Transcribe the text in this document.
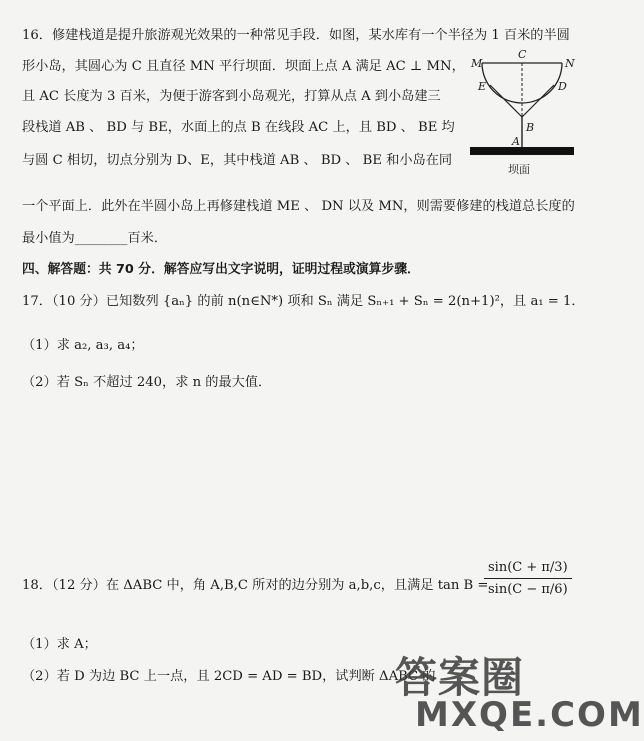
16．修建栈道是提升旅游观光效果的一种常见手段．如图，某水库有一个半径为 1 百米的半圆
形小岛，其圆心为 C 且直径 MN 平行坝面．坝面上点 A 满足 AC ⊥ MN，
且 AC 长度为 3 百米，为便于游客到小岛观光，打算从点 A 到小岛建三
段栈道 AB 、 BD 与 BE，水面上的点 B 在线段 AC 上，且 BD 、 BE 均
与圆 C 相切，切点分别为 D、E，其中栈道 AB 、 BD 、 BE 和小岛在同
一个平面上．此外在半圆小岛上再修建栈道 ME 、 DN 以及 MN，则需要修建的栈道总长度的
最小值为________百米．
M	N
C
E	D
B
A
坝面
四、解答题：共 70 分．解答应写出文字说明，证明过程或演算步骤．
17．（10 分）已知数列 {aₙ} 的前 n(n∈N*) 项和 Sₙ 满足 Sₙ₊₁ + Sₙ = 2(n+1)²，且 a₁ = 1．
（1）求 a₂, a₃, a₄；
（2）若 Sₙ 不超过 240，求 n 的最大值．
18．（12 分）在 ΔABC 中，角 A,B,C 所对的边分别为 a,b,c，且满足 tan B =
$\frac{\sin(C + \pi/3)}{\sin(C - \pi/6)}$
（1）求 A；
（2）若 D 为边 BC 上一点，且 2CD = AD = BD，试判断 ΔABC 的
答案圈
MXQE.COM
